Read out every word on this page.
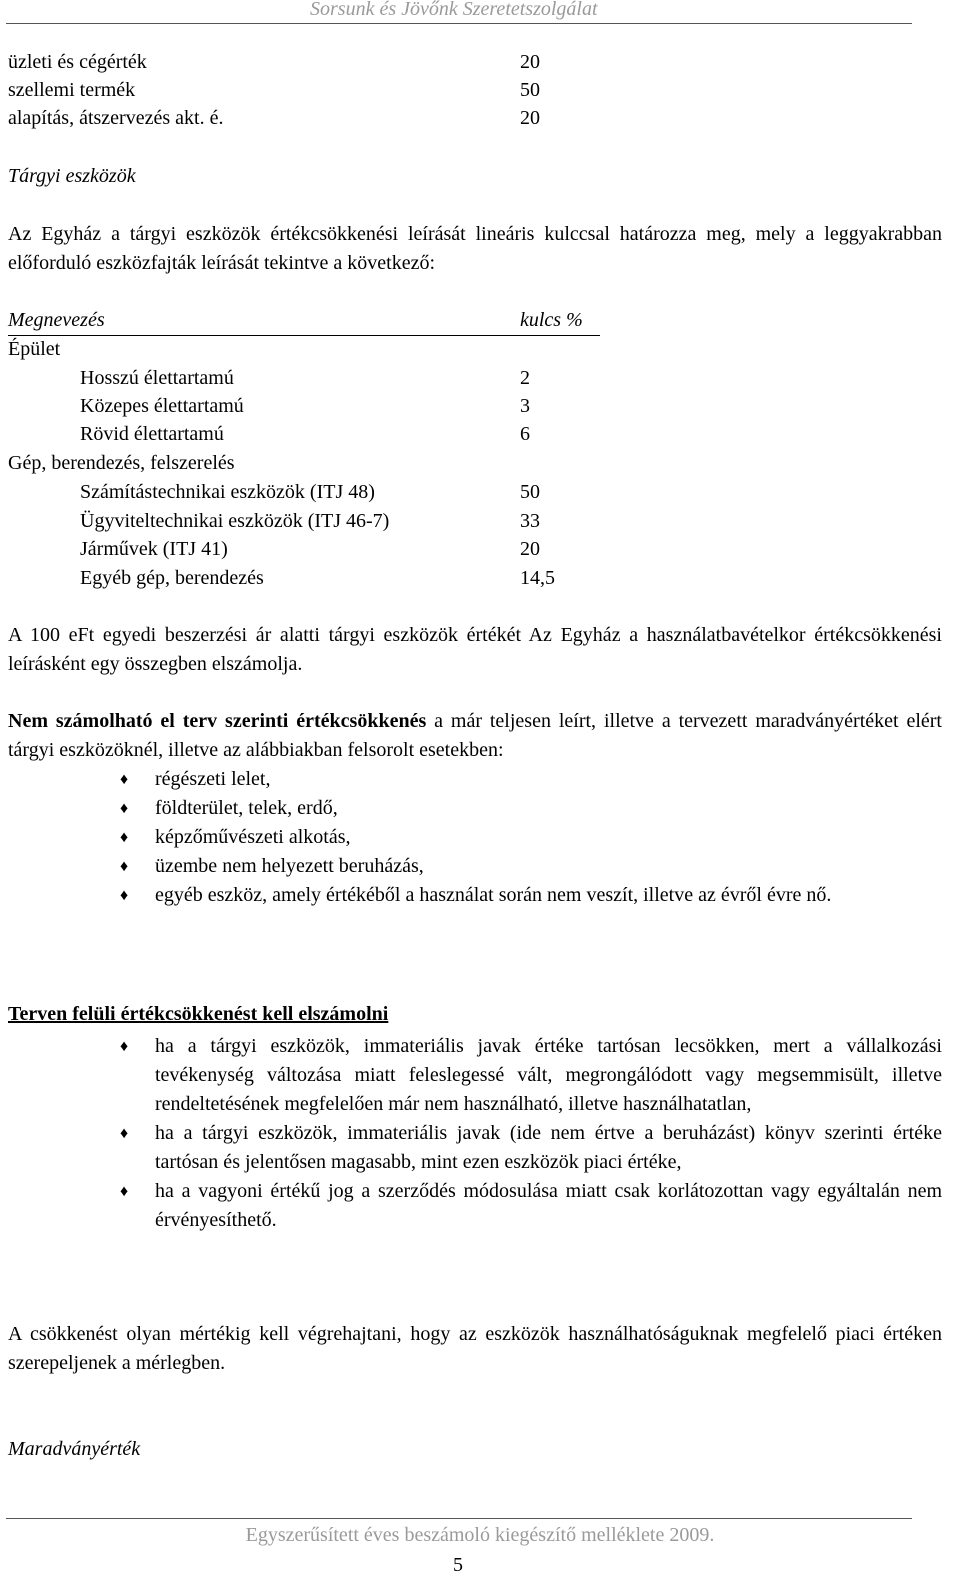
Sorsunk és Jövőnk Szeretetszolgálat
üzleti és cégérték	20
szellemi termék	50
alapítás, átszervezés akt. é.	20
Tárgyi eszközök
Az Egyház a tárgyi eszközök értékcsökkenési leírását lineáris kulccsal határozza meg, mely a leggyakrabban előforduló eszközfajták leírását tekintve a következő:
Megnevezés	kulcs %
Épület
Hosszú élettartamú	2
Közepes élettartamú	3
Rövid élettartamú	6
Gép, berendezés, felszerelés
Számítástechnikai eszközök (ITJ 48)	50
Ügyviteltechnikai eszközök (ITJ 46-7)	33
Járművek (ITJ 41)	20
Egyéb gép, berendezés	14,5
A 100 eFt egyedi beszerzési ár alatti tárgyi eszközök értékét Az Egyház a használatbavételkor értékcsökkenési leírásként egy összegben elszámolja.
Nem számolható el terv szerinti értékcsökkenés a már teljesen leírt, illetve a tervezett maradványértéket elért tárgyi eszközöknél, illetve az alábbiakban felsorolt esetekben:
♦ régészeti lelet,
♦ földterület, telek, erdő,
♦ képzőművészeti alkotás,
♦ üzembe nem helyezett beruházás,
♦ egyéb eszköz, amely értékéből a használat során nem veszít, illetve az évről évre nő.
Terven felüli értékcsökkenést kell elszámolni
♦ ha a tárgyi eszközök, immateriális javak értéke tartósan lecsökken, mert a vállalkozási tevékenység változása miatt feleslegessé vált, megrongálódott vagy megsemmisült, illetve rendeltetésének megfelelően már nem használható, illetve használhatatlan,
♦ ha a tárgyi eszközök, immateriális javak (ide nem értve a beruházást) könyv szerinti értéke tartósan és jelentősen magasabb, mint ezen eszközök piaci értéke,
♦ ha a vagyoni értékű jog a szerződés módosulása miatt csak korlátozottan vagy egyáltalán nem érvényesíthető.
A csökkenést olyan mértékig kell végrehajtani, hogy az eszközök használhatóságuknak megfelelő piaci értéken szerepeljenek a mérlegben.
Maradványérték
Egyszerűsített éves beszámoló kiegészítő melléklete 2009.
5
